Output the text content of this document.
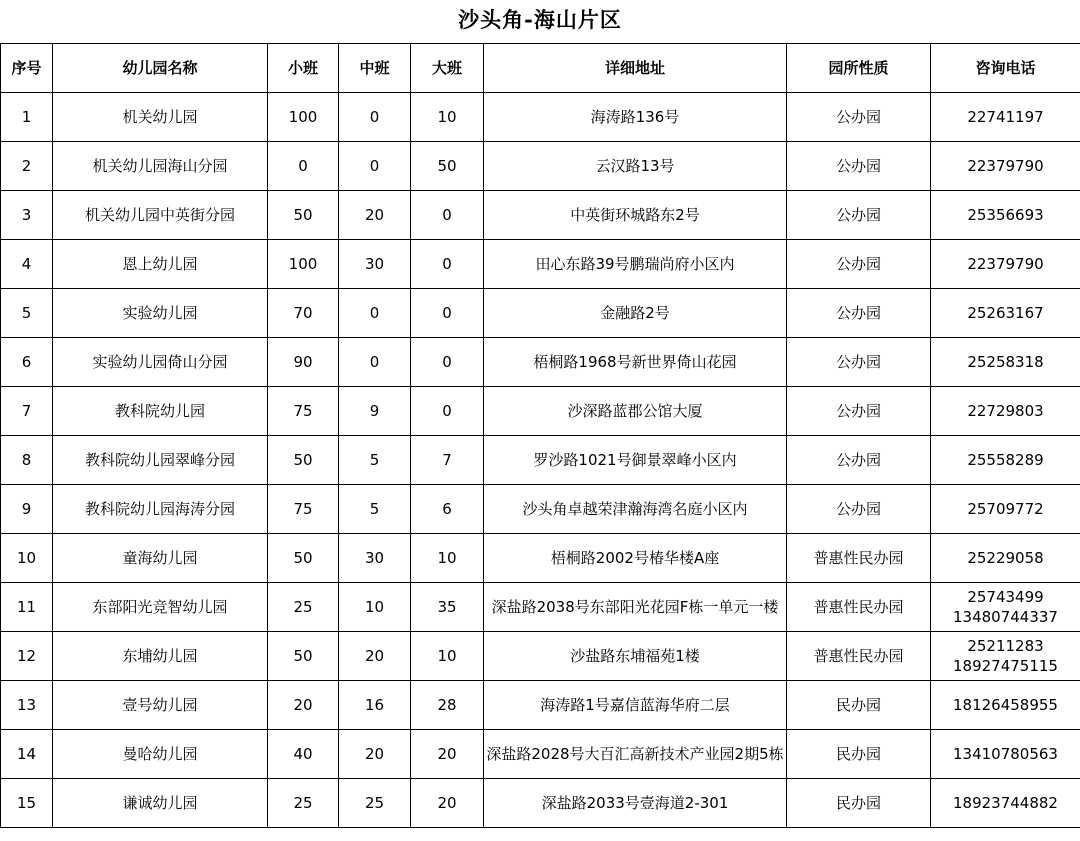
沙头角-海山片区
序号	幼儿园名称	小班	中班	大班	详细地址	园所性质	咨询电话
1	机关幼儿园	100	0	10	海涛路136号	公办园	22741197

2	机关幼儿园海山分园	0	0	50	云汉路13号	公办园	22379790

3	机关幼儿园中英街分园	50	20	0	中英街环城路东2号	公办园	25356693

4	恩上幼儿园	100	30	0	田心东路39号鹏瑞尚府小区内	公办园	22379790

5	实验幼儿园	70	0	0	金融路2号	公办园	25263167

6	实验幼儿园倚山分园	90	0	0	梧桐路1968号新世界倚山花园	公办园	25258318

7	教科院幼儿园	75	9	0	沙深路蓝郡公馆大厦	公办园	22729803

8	教科院幼儿园翠峰分园	50	5	7	罗沙路1021号御景翠峰小区内	公办园	25558289

9	教科院幼儿园海涛分园	75	5	6	沙头角卓越荣津瀚海湾名庭小区内	公办园	25709772

10	童海幼儿园	50	30	10	梧桐路2002号椿华楼A座	普惠性民办园	25229058

11	东部阳光竞智幼儿园	25	10	35	深盐路2038号东部阳光花园F栋一单元一楼	普惠性民办园	25743499
13480744337

12	东埔幼儿园	50	20	10	沙盐路东埔福苑1楼	普惠性民办园	25211283
18927475115

13	壹号幼儿园	20	16	28	海涛路1号嘉信蓝海华府二层	民办园	18126458955

14	曼哈幼儿园	40	20	20	深盐路2028号大百汇高新技术产业园2期5栋	民办园	13410780563

15	谦诚幼儿园	25	25	20	深盐路2033号壹海道2-301	民办园	18923744882
